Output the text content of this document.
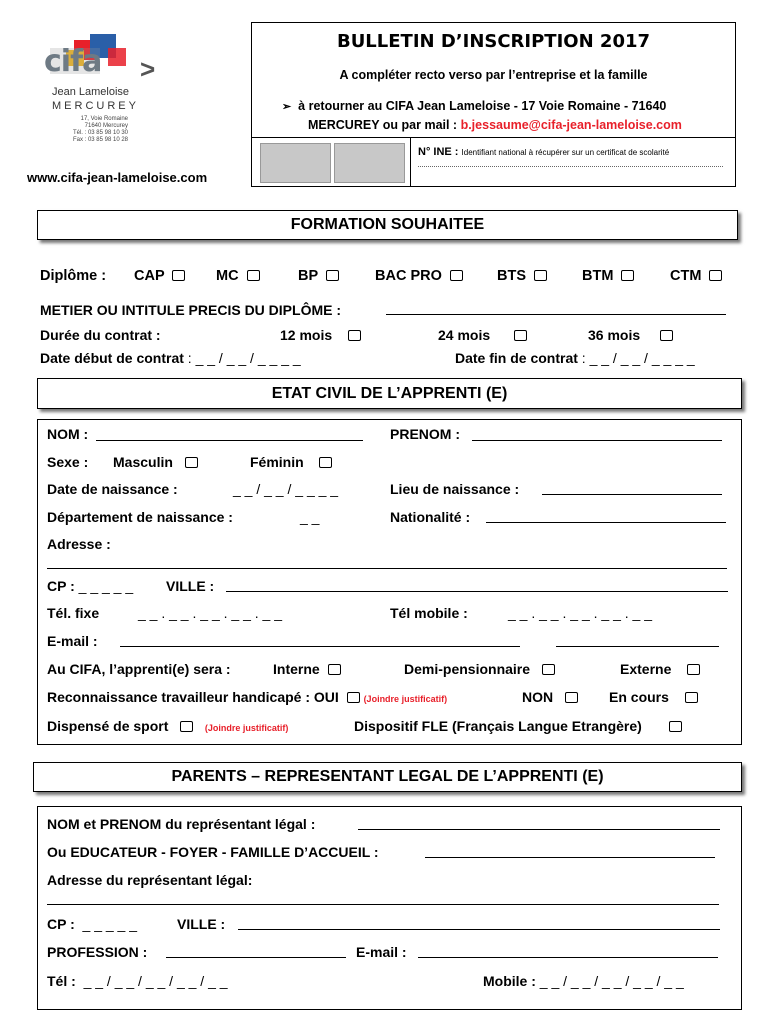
cifa >
Jean Lameloise
MERCUREY
17, Voie Romaine
71640 Mercurey
Tél. : 03 85 98 10 30
Fax : 03 85 98 10 28
www.cifa-jean-lameloise.com
BULLETIN D’INSCRIPTION 2017
A compléter recto verso par l’entreprise et la famille
➢ à retourner au CIFA Jean Lameloise - 17 Voie Romaine - 71640
MERCUREY ou par mail : b.jessaume@cifa-jean-lameloise.com
N° INE : Identifiant national à récupérer sur un certificat de scolarité
FORMATION SOUHAITEE
Diplôme : CAP	MC	BP	BAC PRO	BTS	BTM	CTM
METIER OU INTITULE PRECIS DU DIPLÔME :
Durée du contrat :	12 mois	24 mois	36 mois
Date début de contrat : _ _ / _ _ / _ _ _ _	Date fin de contrat : _ _ / _ _ / _ _ _ _
ETAT CIVIL DE L’APPRENTI (E)
NOM :	PRENOM :
Sexe : Masculin	Féminin
Date de naissance :	_ _ / _ _ / _ _ _ _	Lieu de naissance :
Département de naissance :	_ _	Nationalité :
Adresse :
CP : _ _ _ _ _ VILLE :
Tél. fixe	_ _ . _ _ . _ _ . _ _ . _ _	Tél mobile :	_ _ . _ _ . _ _ . _ _ . _ _
E-mail :
Au CIFA, l’apprenti(e) sera :	Interne	Demi-pensionnaire	Externe
Reconnaissance travailleur handicapé : OUI	(Joindre justificatif)	NON	En cours
Dispensé de sport	(Joindre justificatif)	Dispositif FLE (Français Langue Etrangère)
PARENTS – REPRESENTANT LEGAL DE L’APPRENTI (E)
NOM et PRENOM du représentant légal :
Ou EDUCATEUR - FOYER - FAMILLE D’ACCUEIL :
Adresse du représentant légal:
CP : _ _ _ _ _	VILLE :
PROFESSION :	E-mail :
Tél : _ _ / _ _ / _ _ / _ _ / _ _	Mobile : _ _ / _ _ / _ _ / _ _ / _ _
